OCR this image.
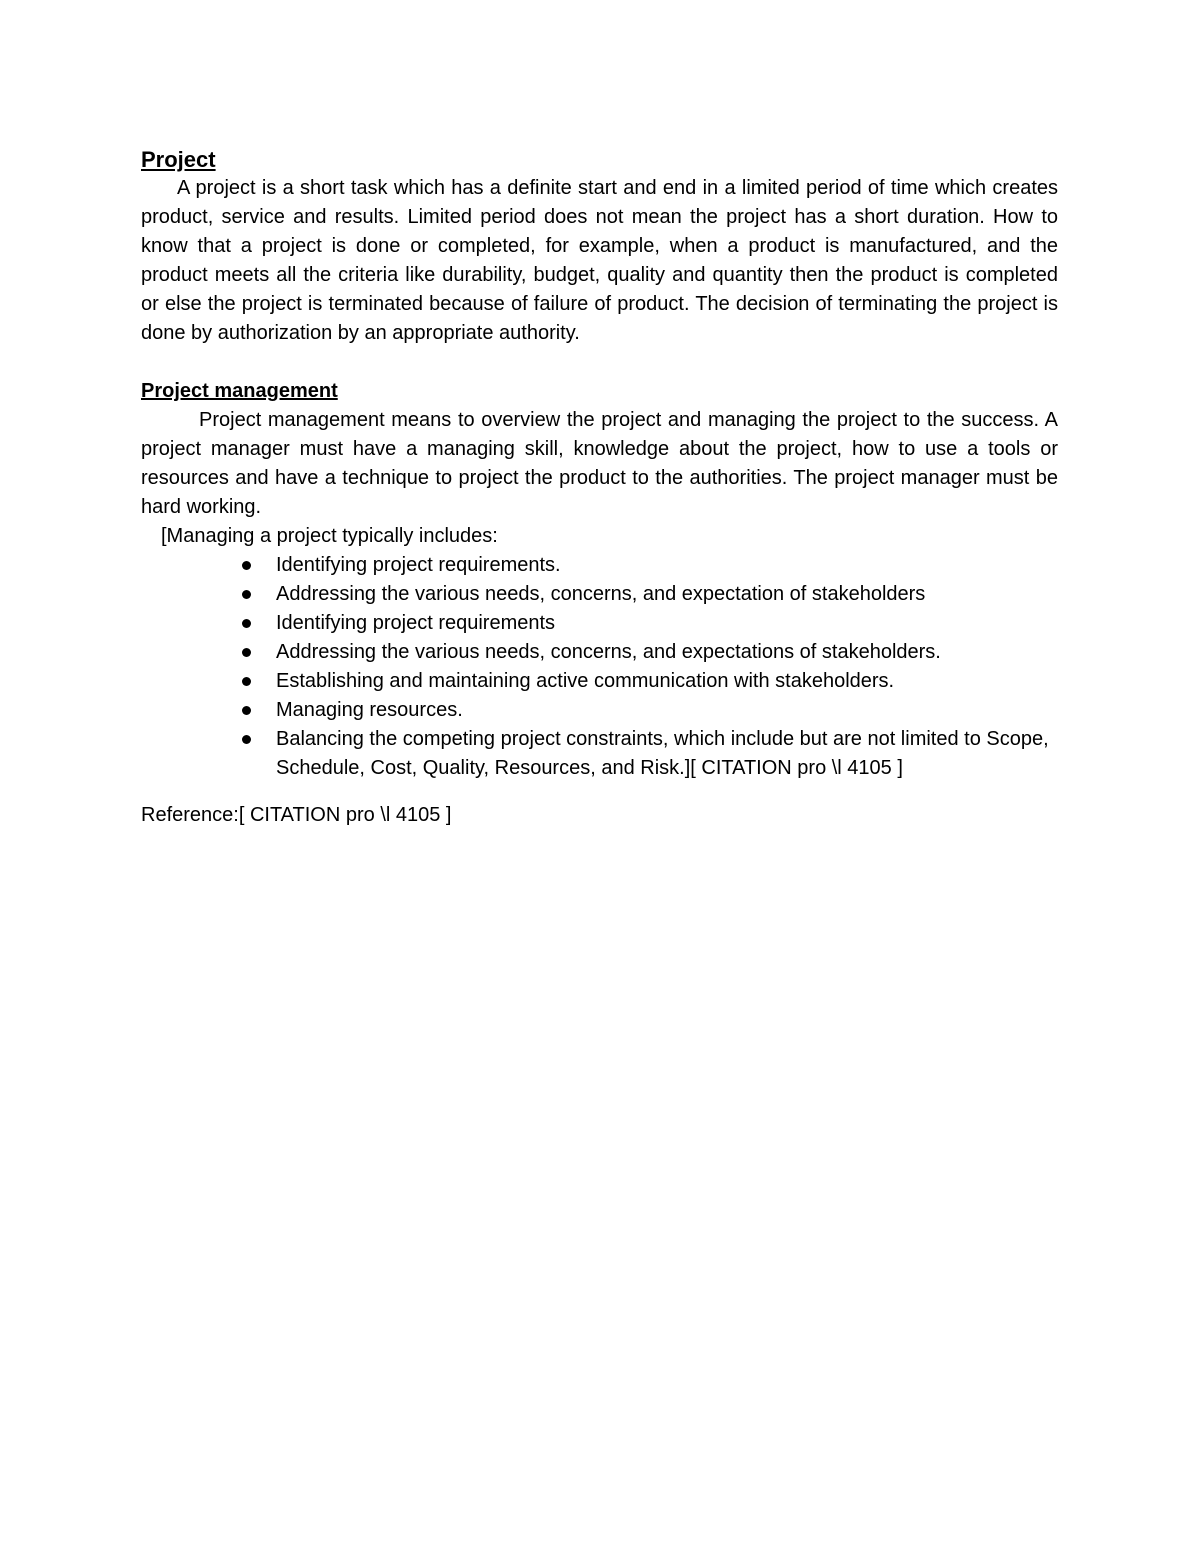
Project

A project is a short task which has a definite start and end in a limited period of time which creates product, service and results. Limited period does not mean the project has a short duration. How to know that a project is done or completed, for example, when a product is manufactured, and the product meets all the criteria like durability, budget, quality and quantity then the product is completed or else the project is terminated because of failure of product. The decision of terminating the project is done by authorization by an appropriate authority.

Project management

Project management means to overview the project and managing the project to the success. A project manager must have a managing skill, knowledge about the project, how to use a tools or resources and have a technique to project the product to the authorities. The project manager must be hard working.

[Managing a project typically includes:

Identifying project requirements.
Addressing the various needs, concerns, and expectation of stakeholders
Identifying project requirements
Addressing the various needs, concerns, and expectations of stakeholders.
Establishing and maintaining active communication with stakeholders.
Managing resources.
Balancing the competing project constraints, which include but are not limited to Scope, Schedule, Cost, Quality, Resources, and Risk.][ CITATION pro \l 4105 ]

Reference:[ CITATION pro \l 4105 ]
